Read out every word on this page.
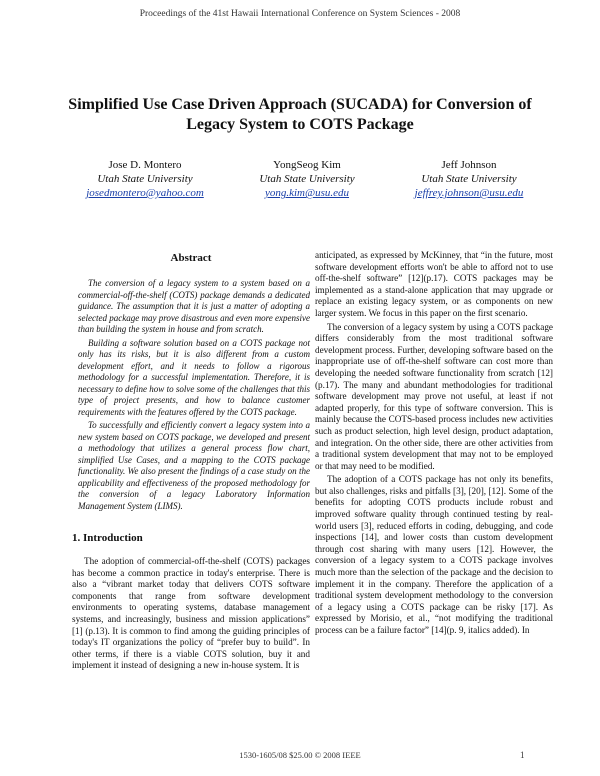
Proceedings of the 41st Hawaii International Conference on System Sciences - 2008
Simplified Use Case Driven Approach (SUCADA) for Conversion of
Legacy System to COTS Package
Jose D. Montero
Utah State University
josedmontero@yahoo.com
YongSeog Kim
Utah State University
yong.kim@usu.edu
Jeff Johnson
Utah State University
jeffrey.johnson@usu.edu
Abstract

The conversion of a legacy system to a system based on a commercial-off-the-shelf (COTS) package demands a dedicated guidance. The assumption that it is just a matter of adopting a selected package may prove disastrous and even more expensive than building the system in house and from scratch.

Building a software solution based on a COTS package not only has its risks, but it is also different from a custom development effort, and it needs to follow a rigorous methodology for a successful implementation. Therefore, it is necessary to define how to solve some of the challenges that this type of project presents, and how to balance customer requirements with the features offered by the COTS package.

To successfully and efficiently convert a legacy system into a new system based on COTS package, we developed and present a methodology that utilizes a general process flow chart, simplified Use Cases, and a mapping to the COTS package functionality. We also present the findings of a case study on the applicability and effectiveness of the proposed methodology for the conversion of a legacy Laboratory Information Management System (LIMS).

1. Introduction

The adoption of commercial-off-the-shelf (COTS) packages has become a common practice in today's enterprise. There is also a “vibrant market today that delivers COTS software components that range from software development environments to operating systems, database management systems, and increasingly, business and mission applications” [1] (p.13). It is common to find among the guiding principles of today's IT organizations the policy of “prefer buy to build”. In other terms, if there is a viable COTS solution, buy it and implement it instead of designing a new in-house system. It is

anticipated, as expressed by McKinney, that “in the future, most software development efforts won't be able to afford not to use off-the-shelf software” [12](p.17). COTS packages may be implemented as a stand-alone application that may upgrade or replace an existing legacy system, or as components on new larger system. We focus in this paper on the first scenario.

The conversion of a legacy system by using a COTS package differs considerably from the most traditional software development process. Further, developing software based on the inappropriate use of off-the-shelf software can cost more than developing the needed software functionality from scratch [12] (p.17). The many and abundant methodologies for traditional software development may prove not useful, at least if not adapted properly, for this type of software conversion. This is mainly because the COTS-based process includes new activities such as product selection, high level design, product adaptation, and integration. On the other side, there are other activities from a traditional system development that may not to be employed or that may need to be modified.

The adoption of a COTS package has not only its benefits, but also challenges, risks and pitfalls [3], [20], [12]. Some of the benefits for adopting COTS products include robust and improved software quality through continued testing by real-world users [3], reduced efforts in coding, debugging, and code inspections [14], and lower costs than custom development through cost sharing with many users [12]. However, the conversion of a legacy system to a COTS package involves much more than the selection of the package and the decision to implement it in the company. Therefore the application of a traditional system development methodology to the conversion of a legacy using a COTS package can be risky [17]. As expressed by Morisio, et al., “not modifying the traditional process can be a failure factor” [14](p. 9, italics added). In

1530-1605/08 $25.00 © 2008 IEEE	1
